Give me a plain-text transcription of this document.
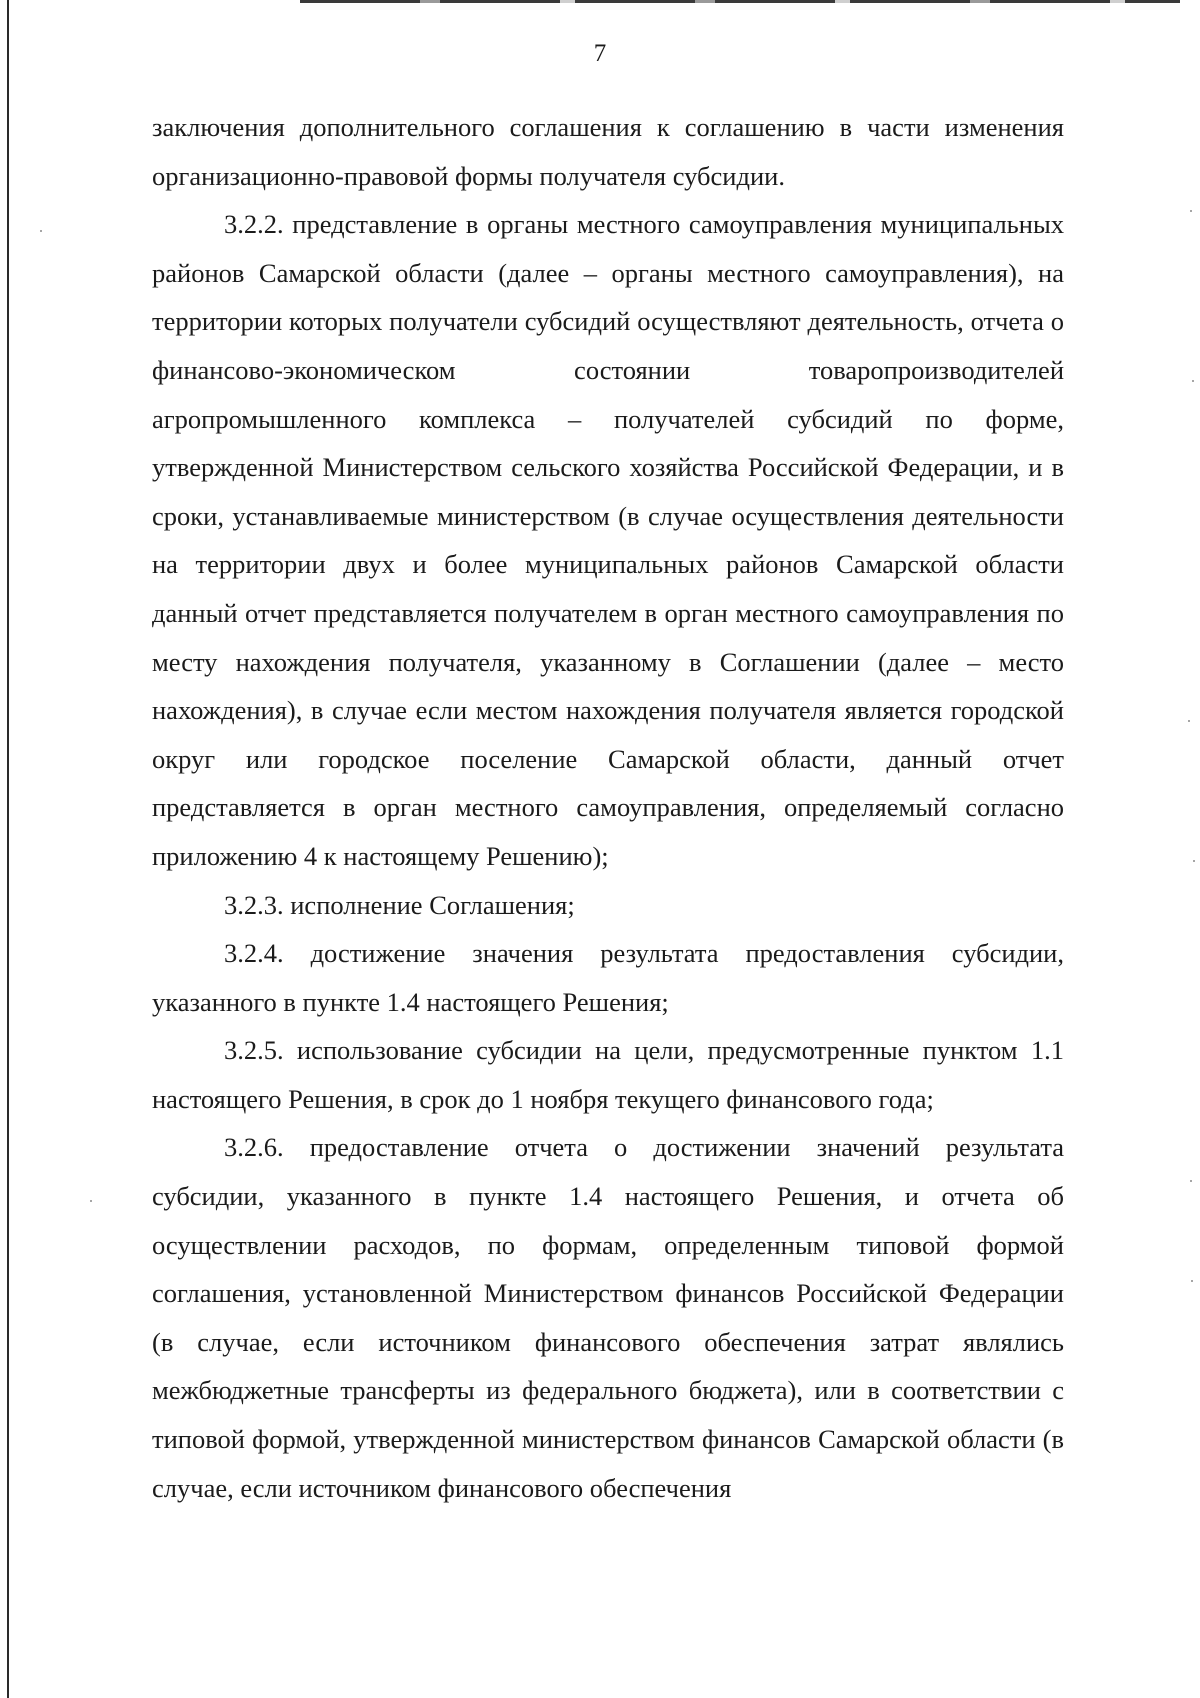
7

заключения дополнительного соглашения к соглашению в части изменения организационно-правовой формы получателя субсидии.

3.2.2. представление в органы местного самоуправления муниципальных районов Самарской области (далее – органы местного самоуправления), на территории которых получатели субсидий осуществляют деятельность, отчета о финансово-экономическом состоянии товаропроизводителей агропромышленного комплекса – получателей субсидий по форме, утвержденной Министерством сельского хозяйства Российской Федерации, и в сроки, устанавливаемые министерством (в случае осуществления деятельности на территории двух и более муниципальных районов Самарской области данный отчет представляется получателем в орган местного самоуправления по месту нахождения получателя, указанному в Соглашении (далее – место нахождения), в случае если местом нахождения получателя является городской округ или городское поселение Самарской области, данный отчет представляется в орган местного самоуправления, определяемый согласно приложению 4 к настоящему Решению);

3.2.3. исполнение Соглашения;

3.2.4. достижение значения результата предоставления субсидии, указанного в пункте 1.4 настоящего Решения;

3.2.5. использование субсидии на цели, предусмотренные пунктом 1.1 настоящего Решения, в срок до 1 ноября текущего финансового года;

3.2.6. предоставление отчета о достижении значений результата субсидии, указанного в пункте 1.4 настоящего Решения, и отчета об осуществлении расходов, по формам, определенным типовой формой соглашения, установленной Министерством финансов Российской Федерации (в случае, если источником финансового обеспечения затрат являлись межбюджетные трансферты из федерального бюджета), или в соответствии с типовой формой, утвержденной министерством финансов Самарской области (в случае, если источником финансового обеспечения
